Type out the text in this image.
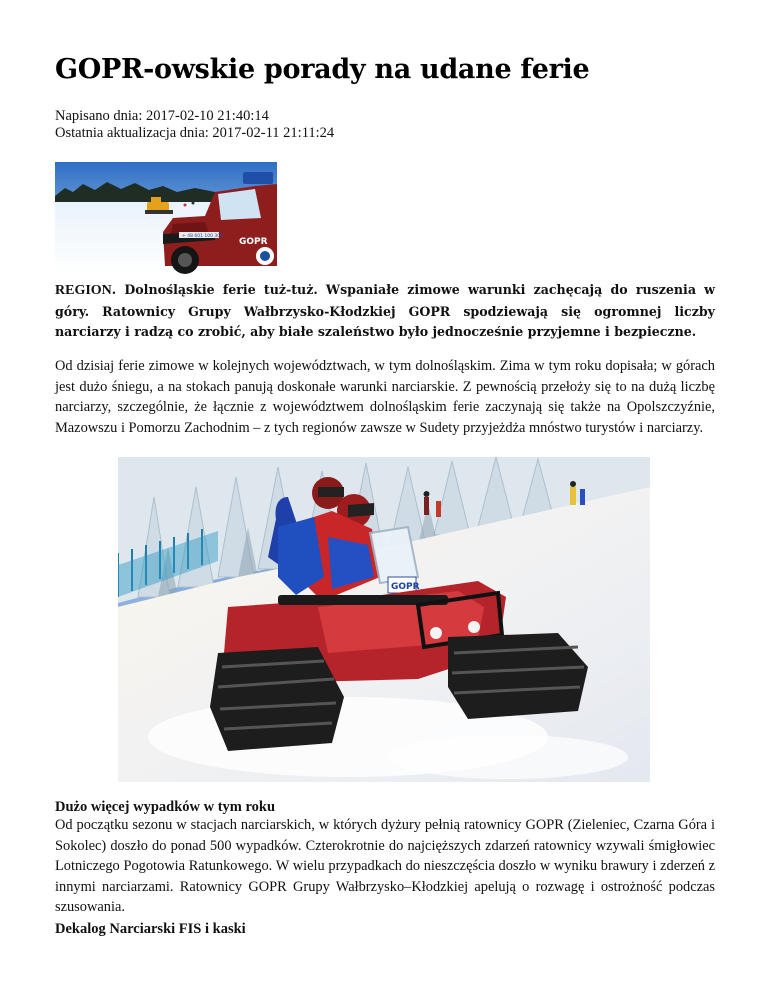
GOPR-owskie porady na udane ferie
Napisano dnia: 2017-02-10 21:40:14
Ostatnia aktualizacja dnia: 2017-02-11 21:11:24
+ 48 601 100 300
GOPR

REGION. Dolnośląskie ferie tuż-tuż. Wspaniałe zimowe warunki zachęcają do ruszenia w góry. Ratownicy Grupy Wałbrzysko-Kłodzkiej GOPR spodziewają się ogromnej liczby narciarzy i radzą co zrobić, aby białe szaleństwo było jednocześnie przyjemne i bezpieczne.

Od dzisiaj ferie zimowe w kolejnych województwach, w tym dolnośląskim. Zima w tym roku dopisała; w górach jest dużo śniegu, a na stokach panują doskonałe warunki narciarskie. Z pewnością przełoży się to na dużą liczbę narciarzy, szczególnie, że łącznie z województwem dolnośląskim ferie zaczynają się także na Opolszczyźnie, Mazowszu i Pomorzu Zachodnim – z tych regionów zawsze w Sudety przyjeżdża mnóstwo turystów i narciarzy.

GOPR
Dużo więcej wypadków w tym roku

Od początku sezonu w stacjach narciarskich, w których dyżury pełnią ratownicy GOPR (Zieleniec, Czarna Góra i Sokolec) doszło do ponad 500 wypadków. Czterokrotnie do najcięższych zdarzeń ratownicy wzywali śmigłowiec Lotniczego Pogotowia Ratunkowego. W wielu przypadkach do nieszczęścia doszło w wyniku brawury i zderzeń z innymi narciarzami. Ratownicy GOPR Grupy Wałbrzysko–Kłodzkiej apelują o rozwagę i ostrożność podczas szusowania.

Dekalog Narciarski FIS i kaski
